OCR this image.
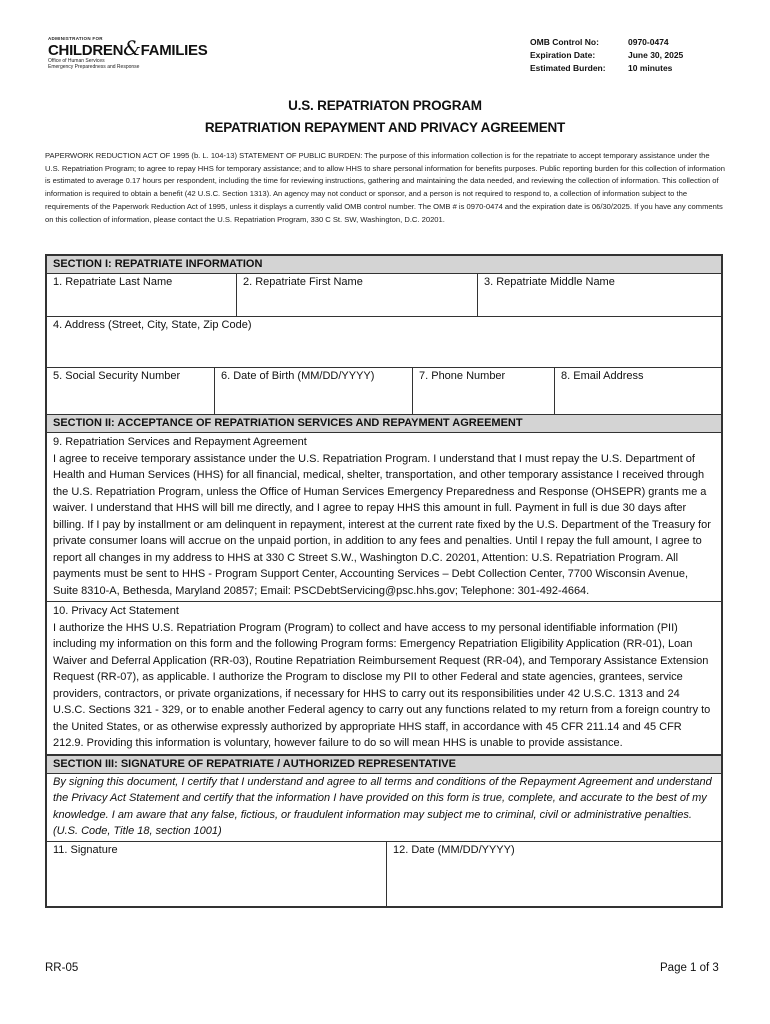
ADMINISTRATION FOR
CHILDREN&FAMILIES
Office of Human Services
Emergency Preparedness and Response
OMB Control No:	0970-0474
Expiration Date:	June 30, 2025
Estimated Burden:	10 minutes
U.S. REPATRIATON PROGRAM
REPATRIATION REPAYMENT AND PRIVACY AGREEMENT
PAPERWORK REDUCTION ACT OF 1995 (b. L. 104-13) STATEMENT OF PUBLIC BURDEN: The purpose of this information collection is for the repatriate to accept temporary assistance under the U.S. Repatriation Program; to agree to repay HHS for temporary assistance; and to allow HHS to share personal information for benefits purposes. Public reporting burden for this collection of information is estimated to average 0.17 hours per respondent, including the time for reviewing instructions, gathering and maintaining the data needed, and reviewing the collection of information. This collection of information is required to obtain a benefit (42 U.S.C. Section 1313). An agency may not conduct or sponsor, and a person is not required to respond to, a collection of information subject to the requirements of the Paperwork Reduction Act of 1995, unless it displays a currently valid OMB control number. The OMB # is 0970-0474 and the expiration date is 06/30/2025. If you have any comments on this collection of information, please contact the U.S. Repatriation Program, 330 C St. SW, Washington, D.C. 20201.
SECTION I: REPATRIATE INFORMATION
1. Repatriate Last Name	2. Repatriate First Name	3. Repatriate Middle Name
4. Address (Street, City, State, Zip Code)
5. Social Security Number	6. Date of Birth (MM/DD/YYYY)	7. Phone Number	8. Email Address
SECTION II: ACCEPTANCE OF REPATRIATION SERVICES AND REPAYMENT AGREEMENT
9. Repatriation Services and Repayment Agreement
I agree to receive temporary assistance under the U.S. Repatriation Program. I understand that I must repay the U.S. Department of Health and Human Services (HHS) for all financial, medical, shelter, transportation, and other temporary assistance I received through the U.S. Repatriation Program, unless the Office of Human Services Emergency Preparedness and Response (OHSEPR) grants me a waiver. I understand that HHS will bill me directly, and I agree to repay HHS this amount in full. Payment in full is due 30 days after billing. If I pay by installment or am delinquent in repayment, interest at the current rate fixed by the U.S. Department of the Treasury for private consumer loans will accrue on the unpaid portion, in addition to any fees and penalties. Until I repay the full amount, I agree to report all changes in my address to HHS at 330 C Street S.W., Washington D.C. 20201, Attention: U.S. Repatriation Program. All payments must be sent to HHS - Program Support Center, Accounting Services – Debt Collection Center, 7700 Wisconsin Avenue, Suite 8310-A, Bethesda, Maryland 20857; Email: PSCDebtServicing@psc.hhs.gov; Telephone: 301-492-4664.
10. Privacy Act Statement
I authorize the HHS U.S. Repatriation Program (Program) to collect and have access to my personal identifiable information (PII) including my information on this form and the following Program forms: Emergency Repatriation Eligibility Application (RR-01), Loan Waiver and Deferral Application (RR-03), Routine Repatriation Reimbursement Request (RR-04), and Temporary Assistance Extension Request (RR-07), as applicable. I authorize the Program to disclose my PII to other Federal and state agencies, grantees, service providers, contractors, or private organizations, if necessary for HHS to carry out its responsibilities under 42 U.S.C. 1313 and 24 U.S.C. Sections 321 - 329, or to enable another Federal agency to carry out any functions related to my return from a foreign country to the United States, or as otherwise expressly authorized by appropriate HHS staff, in accordance with 45 CFR 211.14 and 45 CFR 212.9. Providing this information is voluntary, however failure to do so will mean HHS is unable to provide assistance.
SECTION III: SIGNATURE OF REPATRIATE / AUTHORIZED REPRESENTATIVE
By signing this document, I certify that I understand and agree to all terms and conditions of the Repayment Agreement and understand the Privacy Act Statement and certify that the information I have provided on this form is true, complete, and accurate to the best of my knowledge. I am aware that any false, fictious, or fraudulent information may subject me to criminal, civil or administrative penalties. (U.S. Code, Title 18, section 1001)
11. Signature	12. Date (MM/DD/YYYY)
RR-05	Page 1 of 3
